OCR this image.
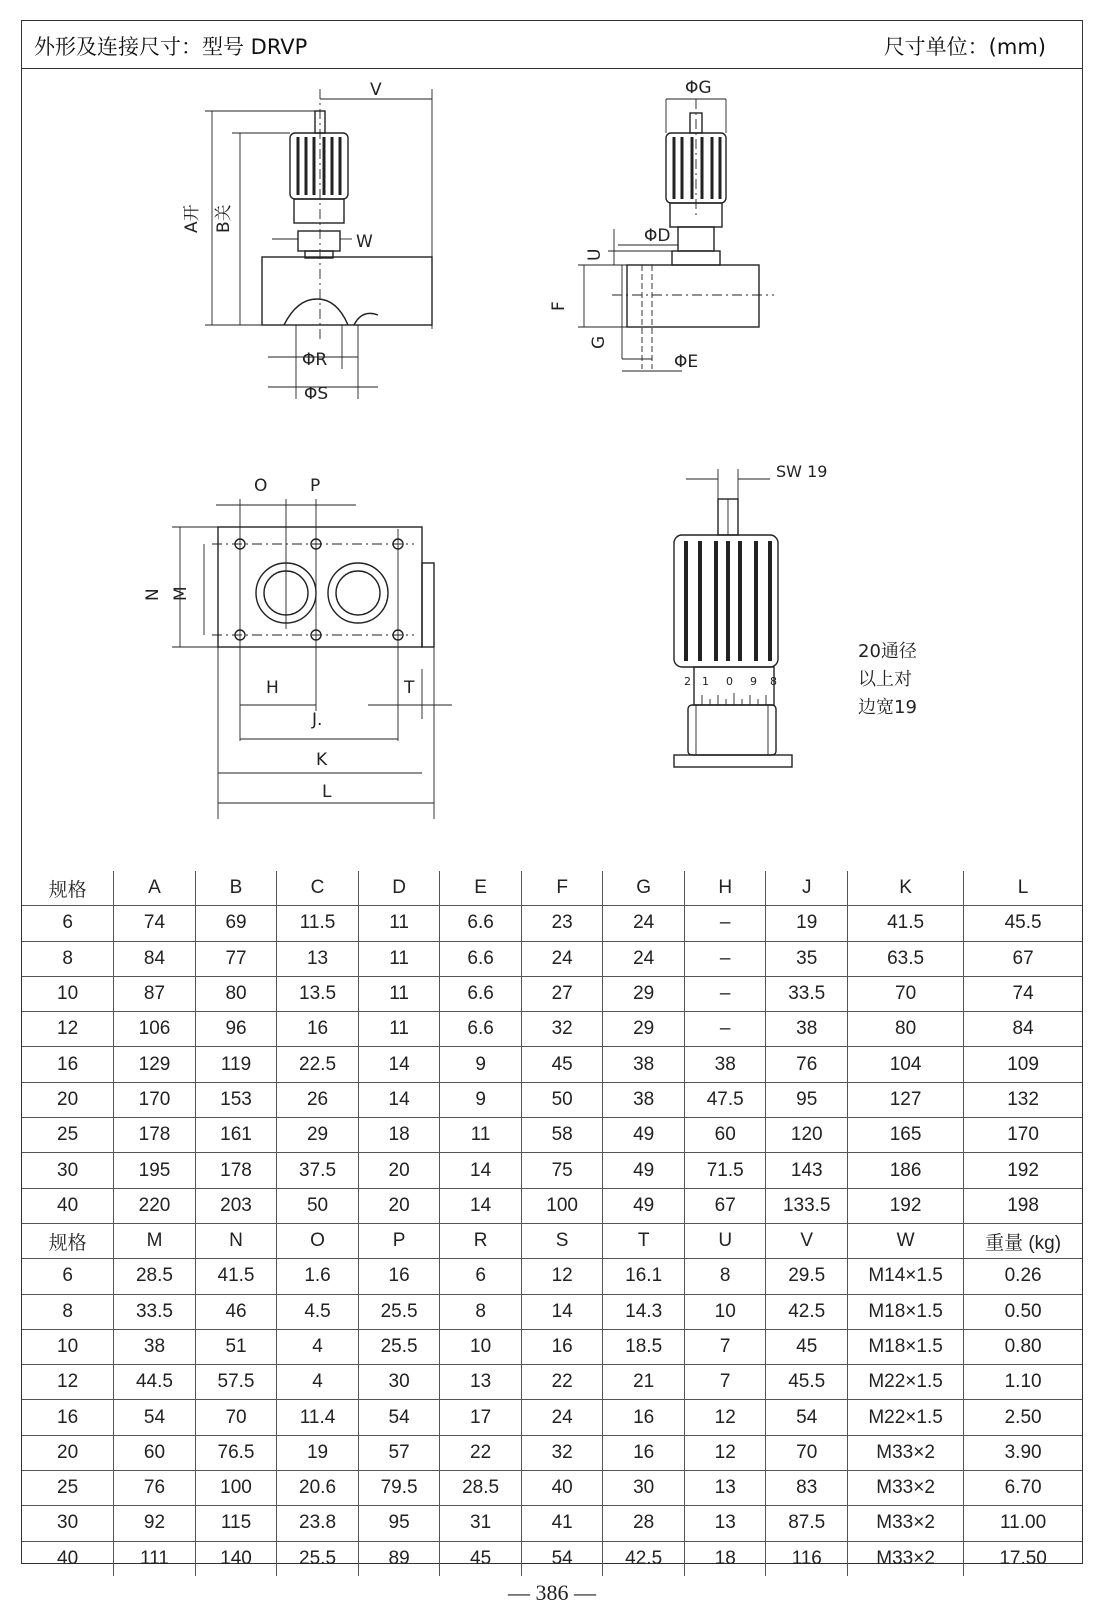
外形及连接尺寸：型号 DRVP	尺寸单位：(mm)
V
A开 B关
W
ΦR
ΦS
ΦG
ΦD
U
F
G
ΦE
O	P
N M
H	T
J.
K
L
SW 19
2 1 0 9 8
20通径
以上对
边宽19
规格	A	B	C	D	E	F	G	H	J	K	L
6	74	69	11.5	11	6.6	23	24	–	19	41.5	45.5
8	84	77	13	11	6.6	24	24	–	35	63.5	67
10	87	80	13.5	11	6.6	27	29	–	33.5	70	74
12	106	96	16	11	6.6	32	29	–	38	80	84
16	129	119	22.5	14	9	45	38	38	76	104	109
20	170	153	26	14	9	50	38	47.5	95	127	132
25	178	161	29	18	11	58	49	60	120	165	170
30	195	178	37.5	20	14	75	49	71.5	143	186	192
40	220	203	50	20	14	100	49	67	133.5	192	198
规格	M	N	O	P	R	S	T	U	V	W	重量 (kg)
6	28.5	41.5	1.6	16	6	12	16.1	8	29.5	M14×1.5	0.26
8	33.5	46	4.5	25.5	8	14	14.3	10	42.5	M18×1.5	0.50
10	38	51	4	25.5	10	16	18.5	7	45	M18×1.5	0.80
12	44.5	57.5	4	30	13	22	21	7	45.5	M22×1.5	1.10
16	54	70	11.4	54	17	24	16	12	54	M22×1.5	2.50
20	60	76.5	19	57	22	32	16	12	70	M33×2	3.90
25	76	100	20.6	79.5	28.5	40	30	13	83	M33×2	6.70
30	92	115	23.8	95	31	41	28	13	87.5	M33×2	11.00
40	111	140	25.5	89	45	54	42.5	18	116	M33×2	17.50
— 386 —
